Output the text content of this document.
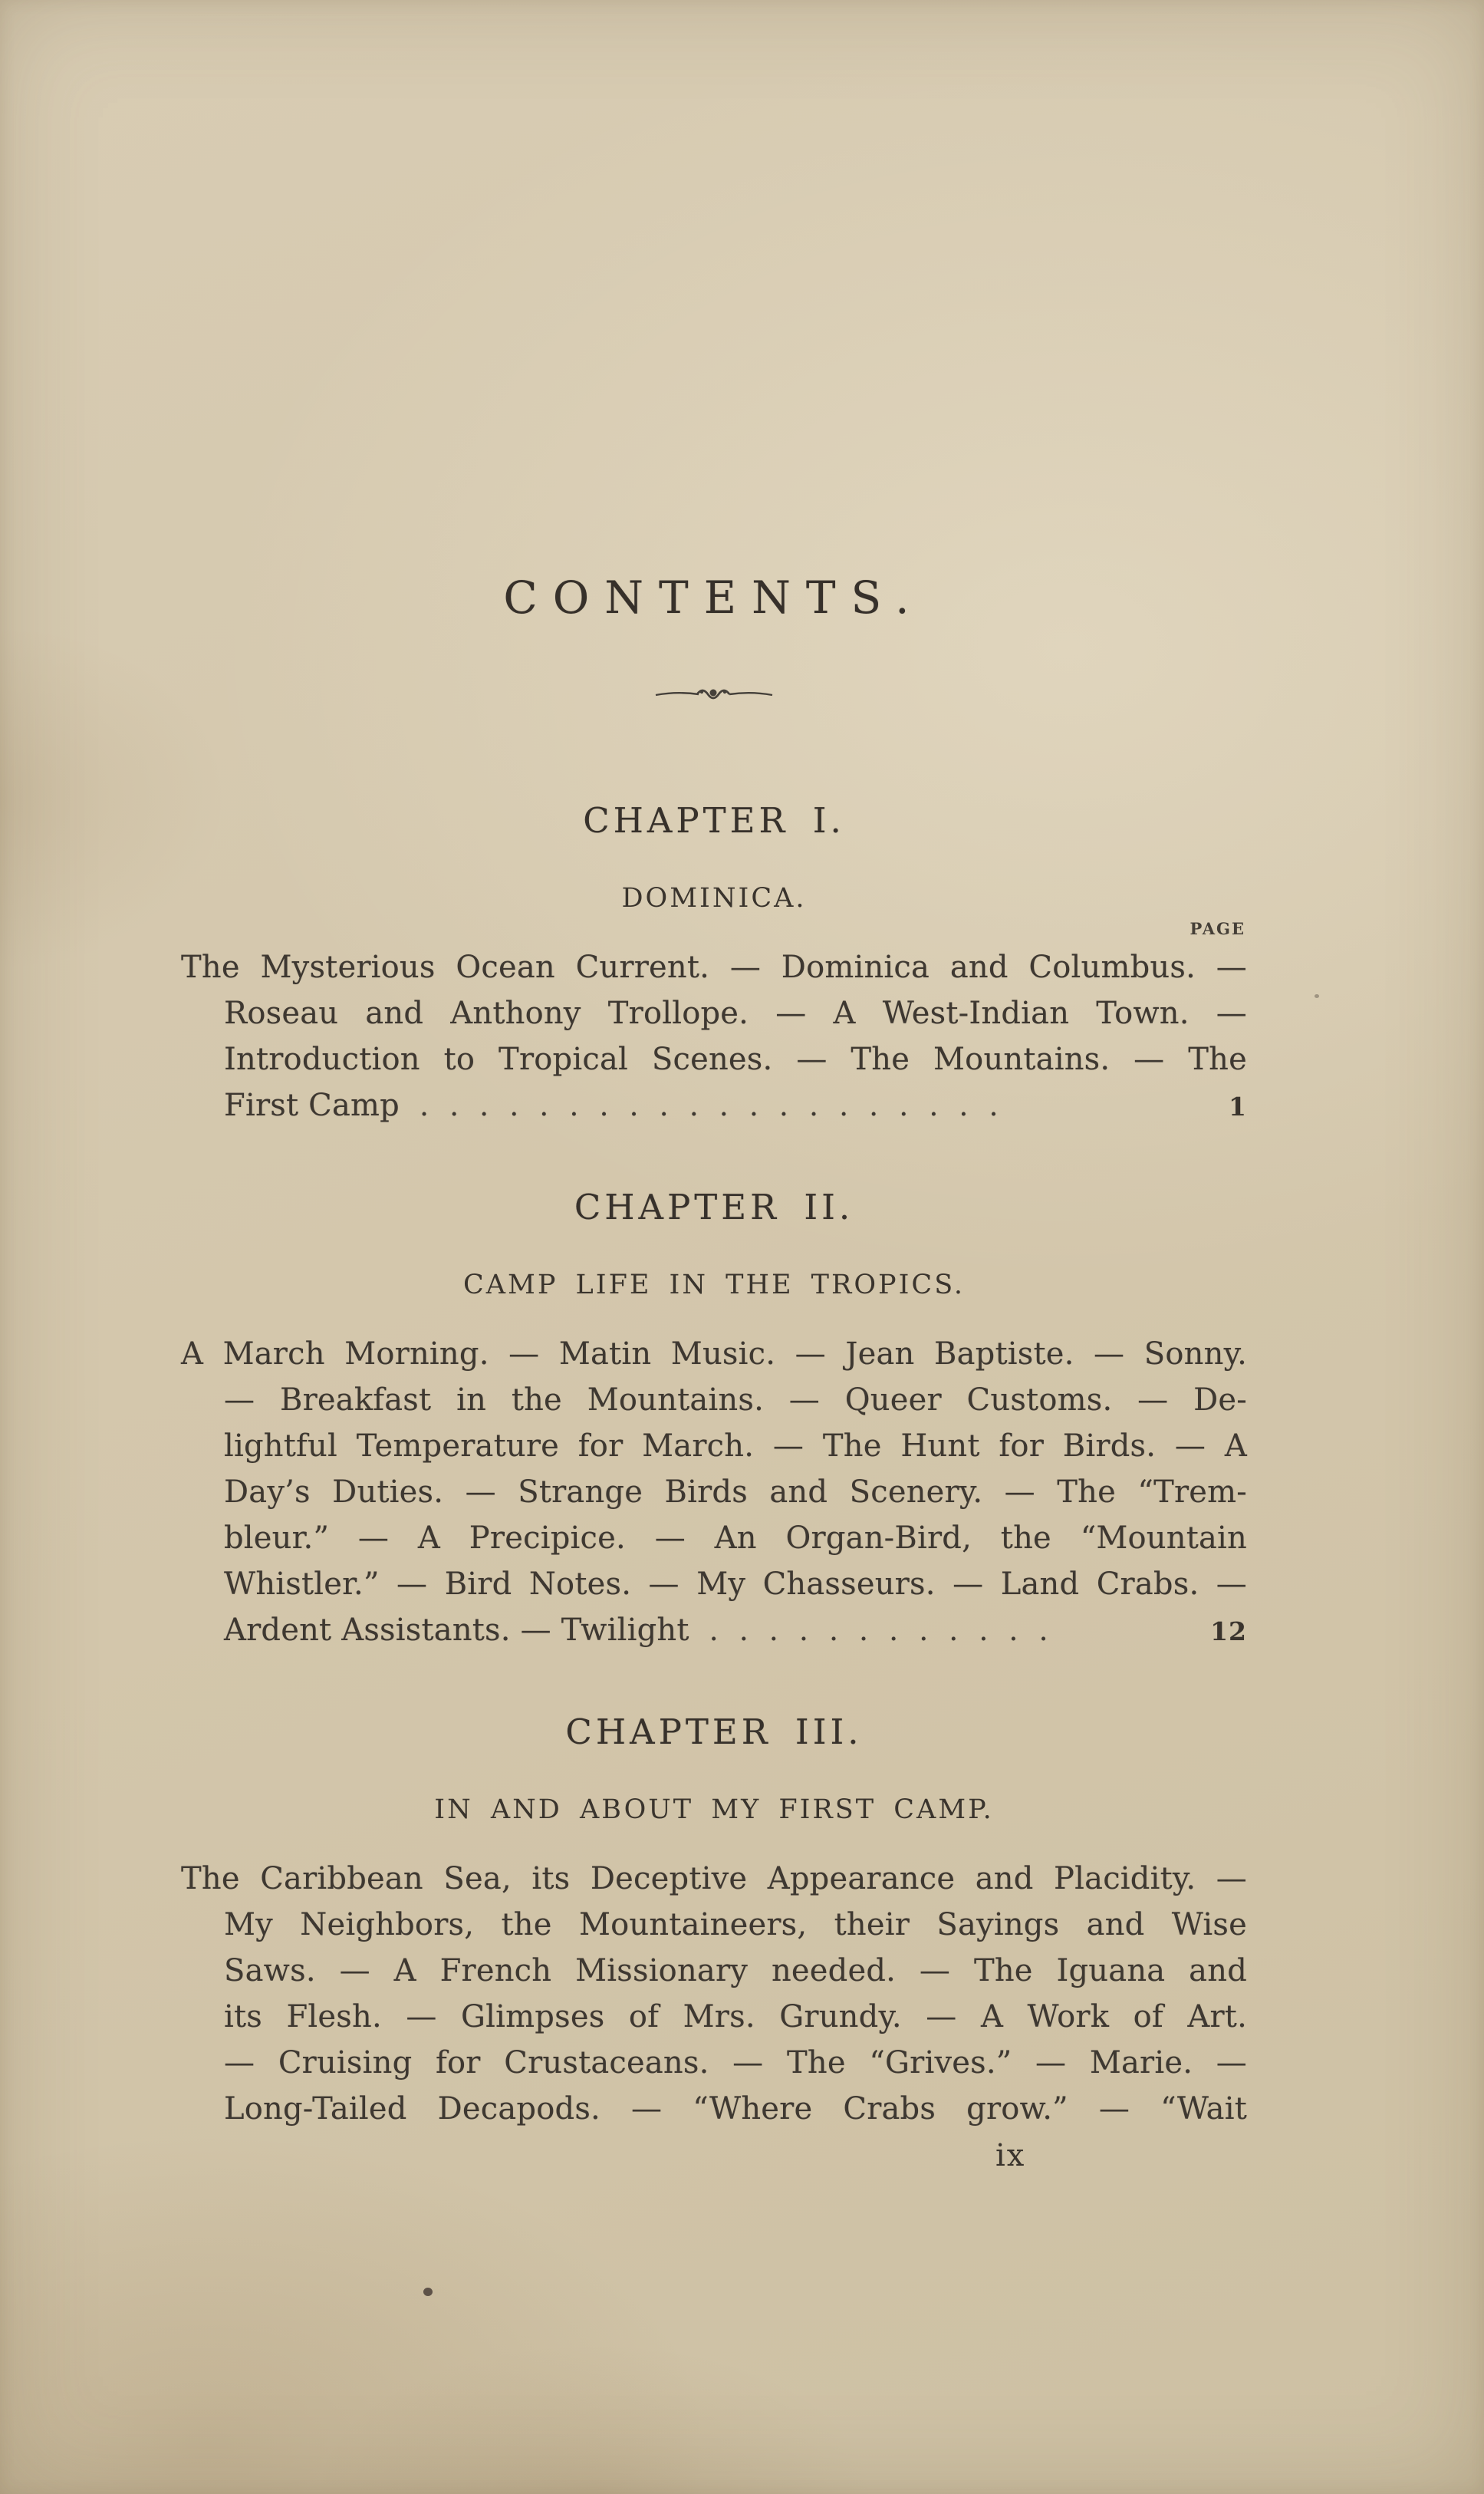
CONTENTS.
CHAPTER I.
DOMINICA.
PAGE
The Mysterious Ocean Current. — Dominica and Columbus. —
Roseau and Anthony Trollope. — A West-Indian Town. —
Introduction to Tropical Scenes. — The Mountains. — The
First Camp ....................	1
CHAPTER II.
CAMP LIFE IN THE TROPICS.
A March Morning. — Matin Music. — Jean Baptiste. — Sonny.
— Breakfast in the Mountains. — Queer Customs. — De-
lightful Temperature for March. — The Hunt for Birds. — A
Day’s Duties. — Strange Birds and Scenery. — The “Trem-
bleur.” — A Precipice. — An Organ-Bird, the “Mountain
Whistler.” — Bird Notes. — My Chasseurs. — Land Crabs. —
Ardent Assistants. — Twilight ............	12
CHAPTER III.
IN AND ABOUT MY FIRST CAMP.
The Caribbean Sea, its Deceptive Appearance and Placidity. —
My Neighbors, the Mountaineers, their Sayings and Wise
Saws. — A French Missionary needed. — The Iguana and
its Flesh. — Glimpses of Mrs. Grundy. — A Work of Art.
— Cruising for Crustaceans. — The “Grives.” — Marie. —
Long-Tailed Decapods. — “Where Crabs grow.” — “Wait
ix
